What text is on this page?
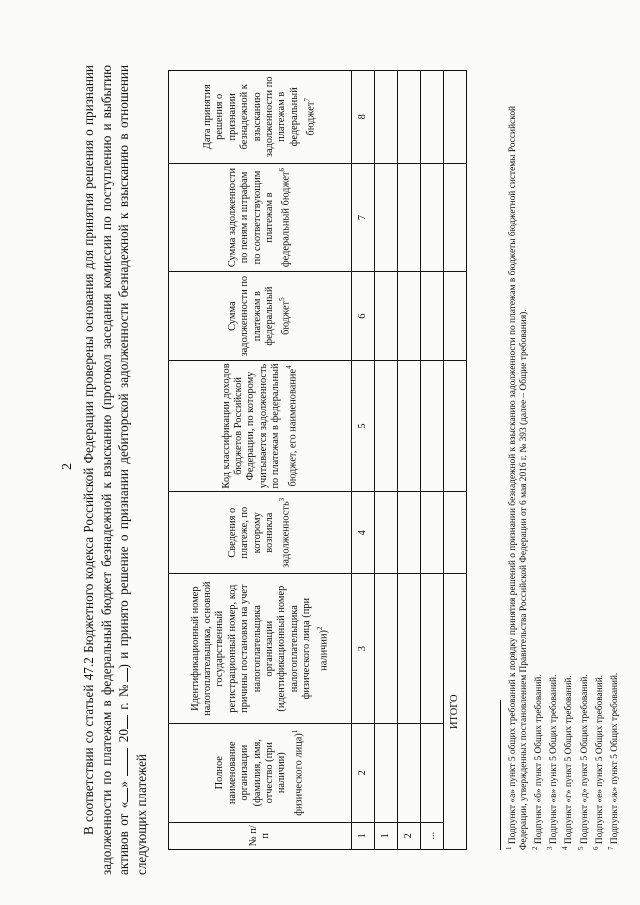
2 В соответствии со статьей 47.2 Бюджетного кодекса Российской Федерации проверены основания для принятия решения о признании задолженности по платежам в федеральный бюджет безнадежной к взысканию (протокол заседания комиссии по поступлению и выбытию активов от «»  20 г. №) и принято решение о признании дебиторской задолженности безнадежной к взысканию в отношении следующих платежей	№ п/п	Полное наименование организации (фамилия, имя, отчество (при наличии) физического лица)$^1$	Идентификационный номер налогоплательщика, основной государственный регистрационный номер, код причины постановки на учет налогоплательщика организации (идентификационный номер налогоплательщика физического лица (при наличии)$^2$	Сведения о платеже, по которому возникла задолженность$^3$	Код классификации доходов бюджетов Российской Федерации, по которому учитывается задолженность по платежам в федеральный бюджет, его наименование$^4$	Сумма задолженности по платежам в федеральный бюджет$^5$	Сумма задолженности по пеням и штрафам по соответствующим платежам в федеральный бюджет$^6$	Дата принятия решения о признании безнадежной к взысканию задолженности по платежам в федеральный бюджет$^7$
1	2	3	4	5	6	7	8
1							
2							
...							
ИТОГО							
$^1$ Подпункт «а» пункт 5 общих требований к порядку принятия решений о признании безнадежной к взысканию задолженности по платежам в бюджеты бюджетной системы Российской Федерации, утвержденных постановлением Правительства Российской Федерации от 6 мая 2016 г. № 393 (далее – Общие требования). $^2$ Подпункт «б» пункт 5 Общих требований.
$^3$ Подпункт «в» пункт 5 Общих требований.
$^4$ Подпункт «г» пункт 5 Общих требований.
$^5$ Подпункт «д» пункт 5 Общих требований.
$^6$ Подпункт «е» пункт 5 Общих требований.
$^7$ Подпункт «ж» пункт 5 Общих требований.
